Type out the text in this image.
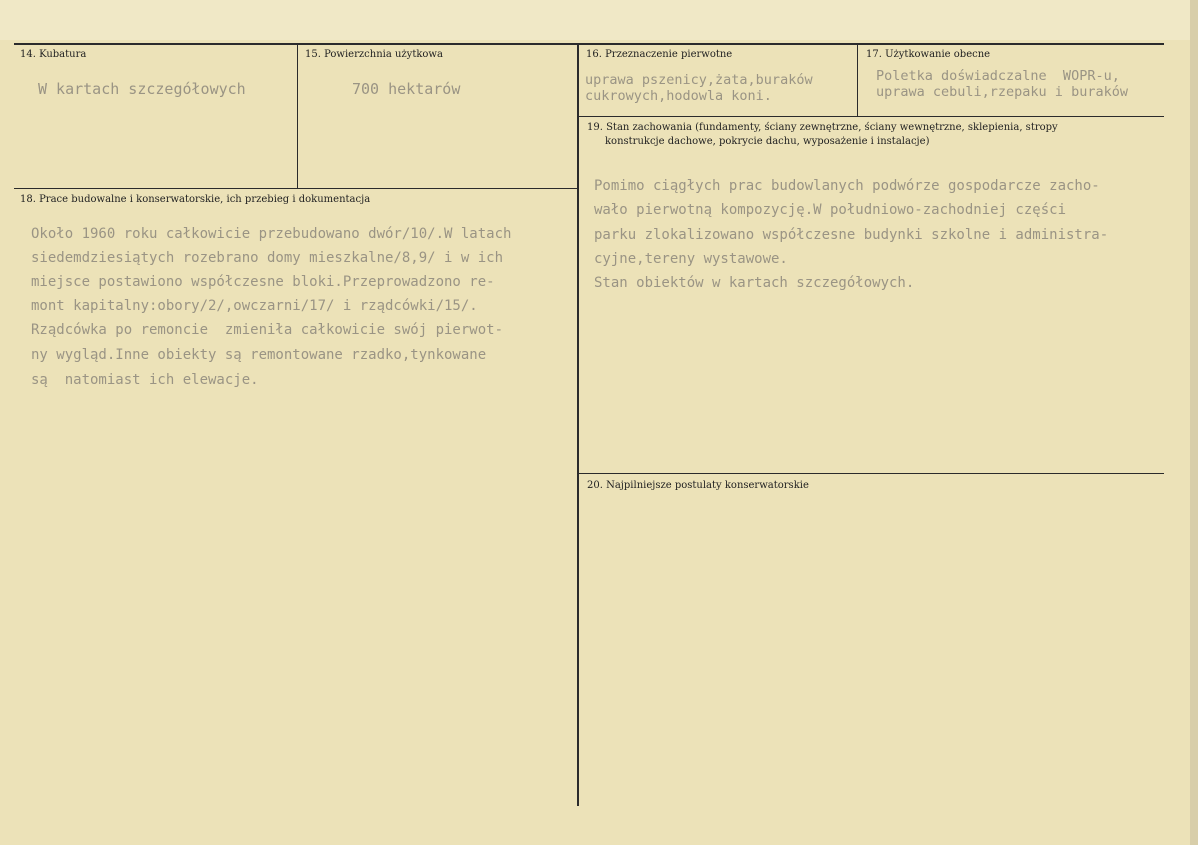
14. Kubatura
W kartach szczegółowych
15. Powierzchnia użytkowa
700 hektarów
16. Przeznaczenie pierwotne
uprawa pszenicy,żata,buraków
cukrowych,hodowla koni.
17. Użytkowanie obecne
Poletka doświadczalne  WOPR-u,
uprawa cebuli,rzepaku i buraków
18. Prace budowalne i konserwatorskie, ich przebieg i dokumentacja
Około 1960 roku całkowicie przebudowano dwór/10/.W latach
siedemdziesiątych rozebrano domy mieszkalne/8,9/ i w ich
miejsce postawiono współczesne bloki.Przeprowadzono re-
mont kapitalny:obory/2/,owczarni/17/ i rządcówki/15/.
Rządcówka po remoncie  zmieniła całkowicie swój pierwot-
ny wygląd.Inne obiekty są remontowane rzadko,tynkowane
są  natomiast ich elewacje.
19. Stan zachowania (fundamenty, ściany zewnętrzne, ściany wewnętrzne, sklepienia, stropy
konstrukcje dachowe, pokrycie dachu, wyposażenie i instalacje)
Pomimo ciągłych prac budowlanych podwórze gospodarcze zacho-
wało pierwotną kompozycję.W południowo-zachodniej części
parku zlokalizowano współczesne budynki szkolne i administra-
cyjne,tereny wystawowe.
Stan obiektów w kartach szczegółowych.
20. Najpilniejsze postulaty konserwatorskie
